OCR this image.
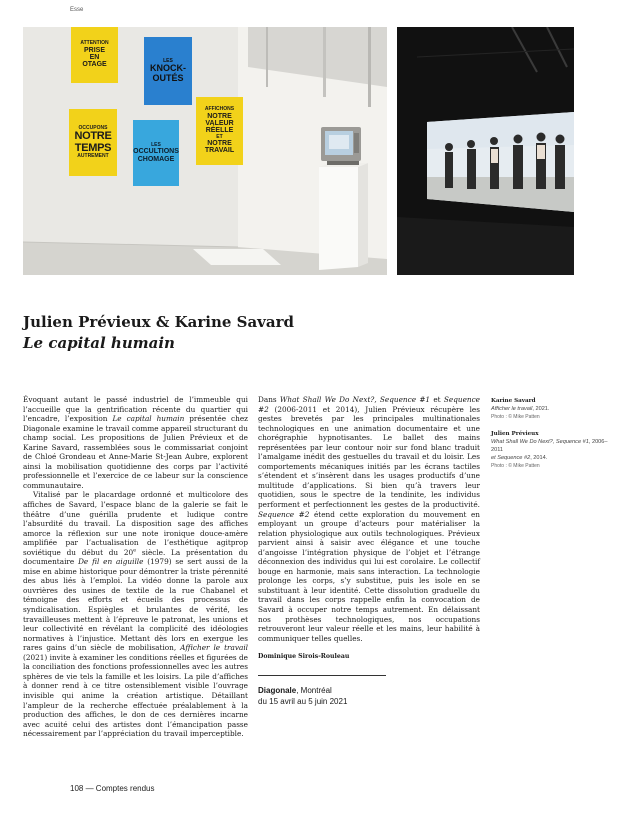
Esse
ATTENTION
PRISE
EN
OTAGE
LES
KNOCK-
OUTÉS
AFFICHONS
NOTRE
VALEUR
RÉELLE
ET
NOTRE
TRAVAIL
OCCUPONS
NOTRE
TEMPS
AUTREMENT
LES
OCCULTIONS
CHOMAGE
Julien Prévieux & Karine Savard
Le capital humain

Évoquant autant le passé industriel de l’immeuble qui l’accueille que la gentrification récente du quartier qui l’encadre, l’exposition Le capital humain présentée chez Diagonale examine le travail comme appareil structurant du champ social. Les propositions de Julien Prévieux et de Karine Savard, rassemblées sous le commissariat conjoint de Chloé Grondeau et Anne-Marie St-Jean Aubre, explorent ainsi la mobilisation quotidienne des corps par l’activité professionnelle et l’exercice de ce labeur sur la conscience communautaire.

Vitalisé par le placardage ordonné et multicolore des affiches de Savard, l’espace blanc de la galerie se fait le théâtre d’une guérilla prudente et ludique contre l’absurdité du travail. La disposition sage des affiches amorce la réflexion sur une note ironique douce-amère amplifiée par l’actualisation de l’esthétique agitprop soviétique du début du 20e siècle. La présentation du documentaire De fil en aiguille (1979) se sert aussi de la mise en abime historique pour démontrer la triste pérennité des abus liés à l’emploi. La vidéo donne la parole aux ouvrières des usines de textile de la rue Chabanel et témoigne des efforts et écueils des processus de syndicalisation. Espiègles et brulantes de vérité, les travailleuses mettent à l’épreuve le patronat, les unions et leur collectivité en révélant la complicité des idéologies normatives à l’injustice. Mettant dès lors en exergue les rares gains d’un siècle de mobilisation, Afficher le travail (2021) invite à examiner les conditions réelles et figurées de la conciliation des fonctions professionnelles avec les autres sphères de vie tels la famille et les loisirs. La pile d’affiches à donner rend à ce titre ostensiblement visible l’ouvrage invisible qui anime la création artistique. Détaillant l’ampleur de la recherche effectuée préalablement à la production des affiches, le don de ces dernières incarne avec acuité celui des artistes dont l’émancipation passe nécessairement par l’appréciation du travail imperceptible.

Dans What Shall We Do Next?, Sequence #1 et Sequence #2 (2006-2011 et 2014), Julien Prévieux récupère les gestes brevetés par les principales multinationales technologiques en une animation documentaire et une chorégraphie hypnotisantes. Le ballet des mains représentées par leur contour noir sur fond blanc traduit l’amalgame inédit des gestuelles du travail et du loisir. Les comportements mécaniques initiés par les écrans tactiles s’étendent et s’insèrent dans les usages productifs d’une multitude d’applications. Si bien qu’à travers leur quotidien, sous le spectre de la tendinite, les individus performent et perfectionnent les gestes de la productivité. Sequence #2 étend cette exploration du mouvement en employant un groupe d’acteurs pour matérialiser la relation physiologique aux outils technologiques. Prévieux parvient ainsi à saisir avec élégance et une touche d’angoisse l’intégration physique de l’objet et l’étrange déconnexion des individus qui lui est corolaire. Le collectif bouge en harmonie, mais sans interaction. La technologie prolonge les corps, s’y substitue, puis les isole en se substituant à leur identité. Cette dissolution graduelle du travail dans les corps rappelle enfin la convocation de Savard à occuper notre temps autrement. En délaissant nos prothèses technologiques, nos occupations retrouveront leur valeur réelle et les mains, leur habilité à communiquer telles quelles.

Dominique Sirois-Rouleau
Diagonale, Montréal
du 15 avril au 5 juin 2021
Karine Savard
Afficher le travail, 2021.
Photo : © Mike Patten
Julien Prévieux
What Shall We Do Next?, Sequence #1, 2006–2011
et Sequence #2, 2014.
Photo : © Mike Patten
108 — Comptes rendus
